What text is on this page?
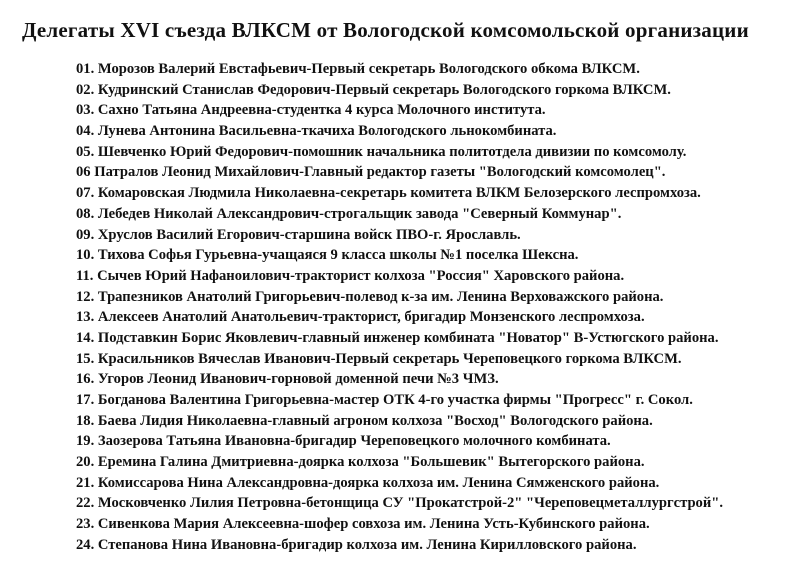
Делегаты XVI съезда ВЛКСМ от Вологодской комсомольской организации
01. Морозов Валерий Евстафьевич-Первый секретарь Вологодского обкома ВЛКСМ.
02. Кудринский Станислав Федорович-Первый секретарь Вологодского горкома ВЛКСМ.
03. Сахно Татьяна Андреевна-студентка 4 курса Молочного института.
04. Лунева Антонина Васильевна-ткачиха Вологодского льнокомбината.
05. Шевченко Юрий Федорович-помошник начальника политотдела дивизии по комсомолу.
06 Патралов Леонид Михайлович-Главный редактор газеты "Вологодский комсомолец".
07. Комаровская Людмила Николаевна-секретарь комитета ВЛКМ Белозерского леспромхоза.
08. Лебедев Николай Александрович-строгальщик завода "Северный Коммунар".
09. Хруслов Василий Егорович-старшина войск ПВО-г. Ярославль.
10. Тихова Софья Гурьевна-учащаяся 9 класса школы №1 поселка Шексна.
11. Сычев Юрий Нафаноилович-тракторист колхоза "Россия" Харовского района.
12. Трапезников Анатолий Григорьевич-полевод к-за им. Ленина Верховажского района.
13. Алексеев Анатолий Анатольевич-тракторист, бригадир Монзенского леспромхоза.
14. Подставкин Борис Яковлевич-главный инженер комбината "Новатор" В-Устюгского района.
15. Красильников Вячеслав Иванович-Первый секретарь Череповецкого горкома ВЛКСМ.
16. Угоров Леонид Иванович-горновой доменной печи №3 ЧМЗ.
17. Богданова Валентина Григорьевна-мастер ОТК 4-го участка фирмы "Прогресс" г. Сокол.
18. Баева Лидия Николаевна-главный агроном колхоза "Восход" Вологодского района.
19. Заозерова Татьяна Ивановна-бригадир Череповецкого молочного комбината.
20. Еремина Галина Дмитриевна-доярка колхоза "Большевик" Вытегорского района.
21. Комиссарова Нина Александровна-доярка колхоза им. Ленина Сямженского района.
22. Московченко Лилия Петровна-бетонщица СУ "Прокатстрой-2" "Череповецметаллургстрой".
23. Сивенкова Мария Алексеевна-шофер совхоза им. Ленина Усть-Кубинского района.
24. Степанова Нина Ивановна-бригадир колхоза им. Ленина Кирилловского района.
